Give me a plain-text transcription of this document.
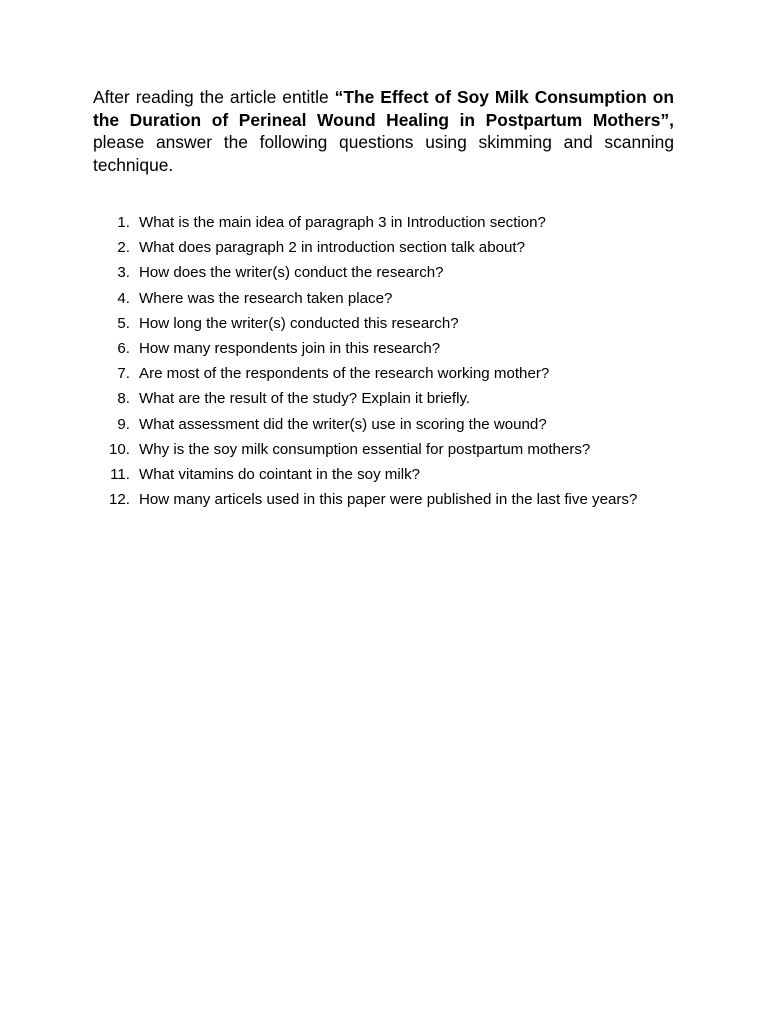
After reading the article entitle “The Effect of Soy Milk Consumption on the Duration of Perineal Wound Healing in Postpartum Mothers”, please answer the following questions using skimming and scanning technique.

1. What is the main idea of paragraph 3 in Introduction section?
2. What does paragraph 2 in introduction section talk about?
3. How does the writer(s) conduct the research?
4. Where was the research taken place?
5. How long the writer(s) conducted this research?
6. How many respondents join in this research?
7. Are most of the respondents of the research working mother?
8. What are the result of the study? Explain it briefly.
9. What assessment did the writer(s) use in scoring the wound?
10. Why is the soy milk consumption essential for postpartum mothers?
11. What vitamins do cointant in the soy milk?
12. How many articels used in this paper were published in the last five years?
